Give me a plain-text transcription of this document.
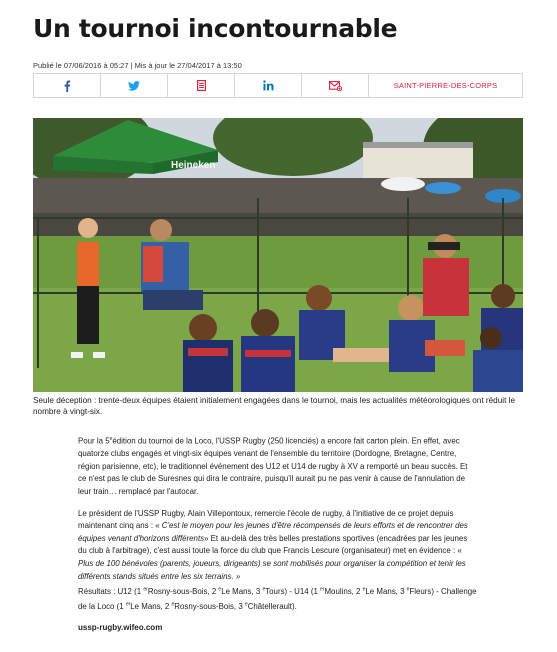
Un tournoi incontournable
Publié le 07/06/2016 à 05:27 | Mis à jour le 27/04/2017 à 13:50
SAINT-PIERRE-DES-CORPS
Heineken
Seule déception : trente-deux équipes étaient initialement engagées dans le tournoi, mais les actualités météorologiques ont réduit le nombre à vingt-six.

Pour la 5eédition du tournoi de la Loco, l'USSP Rugby (250 licenciés) a encore fait carton plein. En effet, avec quatorze clubs engagés et vingt-six équipes venant de l'ensemble du territoire (Dordogne, Bretagne, Centre, région parisienne, etc), le traditionnel événement des U12 et U14 de rugby à XV a remporté un beau succès. Et ce n'est pas le club de Suresnes qui dira le contraire, puisqu'il aurait pu ne pas venir à cause de l'annulation de leur train… remplacé par l'autocar.

Le président de l'USSP Rugby, Alain Villepontoux, remercie l'école de rugby, à l'initiative de ce projet depuis maintenant cinq ans : « C'est le moyen pour les jeunes d'être récompensés de leurs efforts et de rencontrer des équipes venant d'horizons différents» Et au-delà des très belles prestations sportives (encadrées par les jeunes du club à l'arbitrage), c'est aussi toute la force du club que Francis Lescure (organisateur) met en évidence : « Plus de 100 bénévoles (parents, joueurs, dirigeants) se sont mobilisés pour organiser la compétition et tenir les différents stands situés entre les six terrains. »
Résultats : U12 (1 $^{er}$Rosny-sous-Bois, 2 $^e$Le Mans, 3 $^e$Tours) - U14 (1 $^{er}$Moulins, 2 $^e$Le Mans, 3 $^e$Fleurs) - Challenge de la Loco (1 $^{er}$Le Mans, 2 $^e$Rosny-sous-Bois, 3 $^e$Châtellerault).

ussp-rugby.wifeo.com
